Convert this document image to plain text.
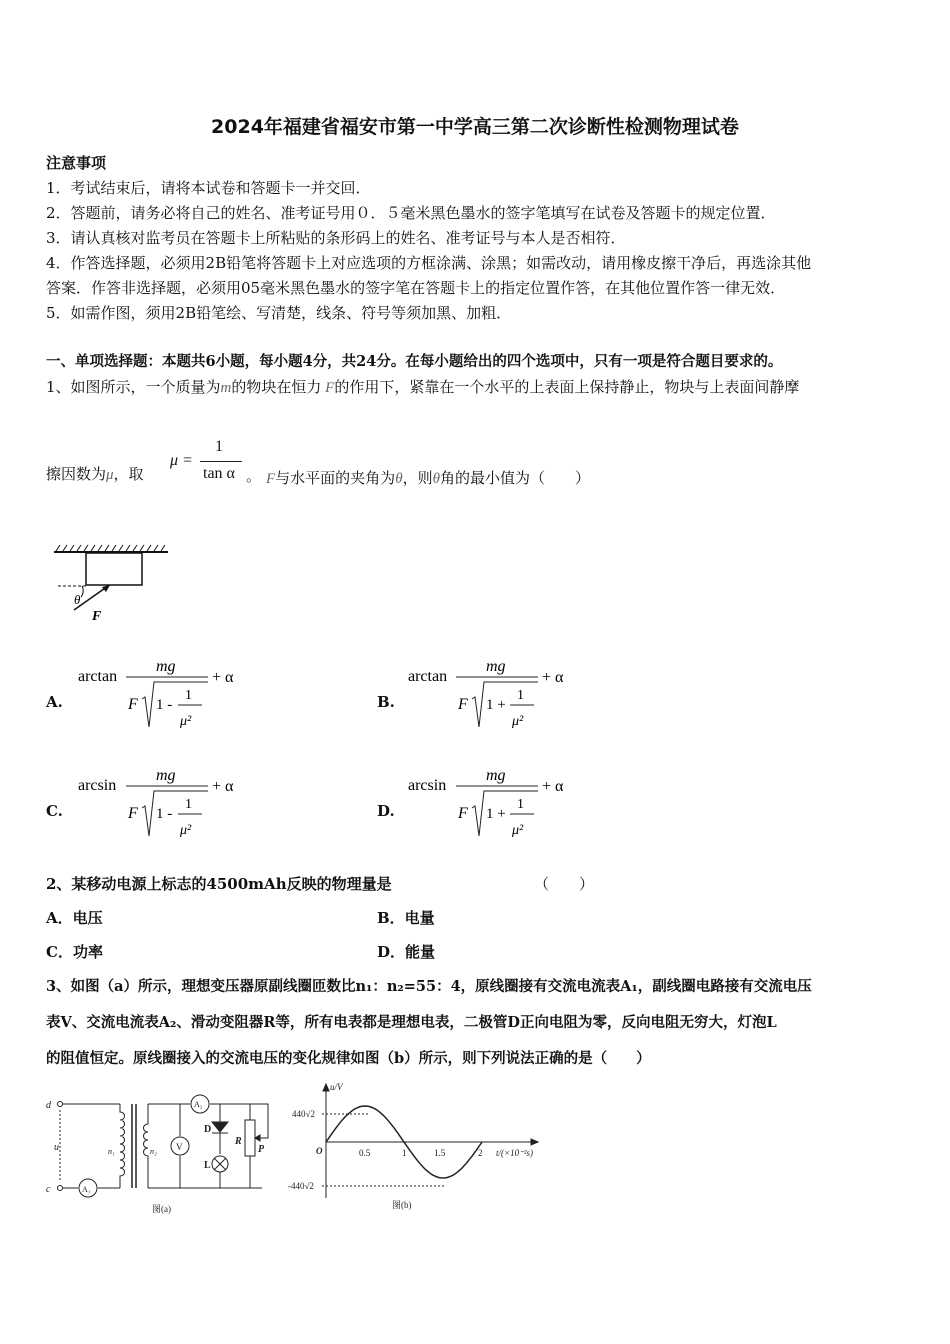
2024年福建省福安市第一中学高三第二次诊断性检测物理试卷
注意事项
1．考试结束后，请将本试卷和答题卡一并交回．
2．答题前，请务必将自己的姓名、准考证号用０．５毫米黑色墨水的签字笔填写在试卷及答题卡的规定位置．
3．请认真核对监考员在答题卡上所粘贴的条形码上的姓名、准考证号与本人是否相符．
4．作答选择题，必须用2B铅笔将答题卡上对应选项的方框涂满、涂黑；如需改动，请用橡皮擦干净后，再选涂其他
答案．作答非选择题，必须用05毫米黑色墨水的签字笔在答题卡上的指定位置作答，在其他位置作答一律无效．
5．如需作图，须用2B铅笔绘、写清楚，线条、符号等须加黑、加粗．
一、单项选择题：本题共6小题，每小题4分，共24分。在每小题给出的四个选项中，只有一项是符合题目要求的。
1、如图所示，一个质量为m的物块在恒力 F的作用下，紧靠在一个水平的上表面上保持静止，物块与上表面间静摩
擦因数为μ，取
μ =
1
tan α 。 F与水平面的夹角为θ，则θ角的最小值为（　　）
θ
F
A.
arctan
mg
F 1 -
1
μ²
+ α
B.
arctan
mg
F 1 +
1
μ²
+ α
C.
arcsin
mg
F 1 -
1
μ²
+ α
D.
arcsin
mg
F 1 +
1
μ²
+ α
2、某移动电源上标志的4500mAh反映的物理量是	（　　）
A．电压	B．电量
C．功率	D．能量
3、如图（a）所示，理想变压器原副线圈匝数比n₁：n₂=55：4，原线圈接有交流电流表A₁，副线圈电路接有交流电压
表V、交流电流表A₂、滑动变阻器R等，所有电表都是理想电表，二极管D正向电阻为零，反向电阻无穷大，灯泡L
的阻值恒定。原线圈接入的交流电压的变化规律如图（b）所示，则下列说法正确的是（　　）
d
u
c	A₁
n₁	n₂
A₂
V
D
L
R
P
图(a)
u/V
440√2
-440√2
O	0.5	1	1.5	2 t/(×10⁻²s)
图(b)
